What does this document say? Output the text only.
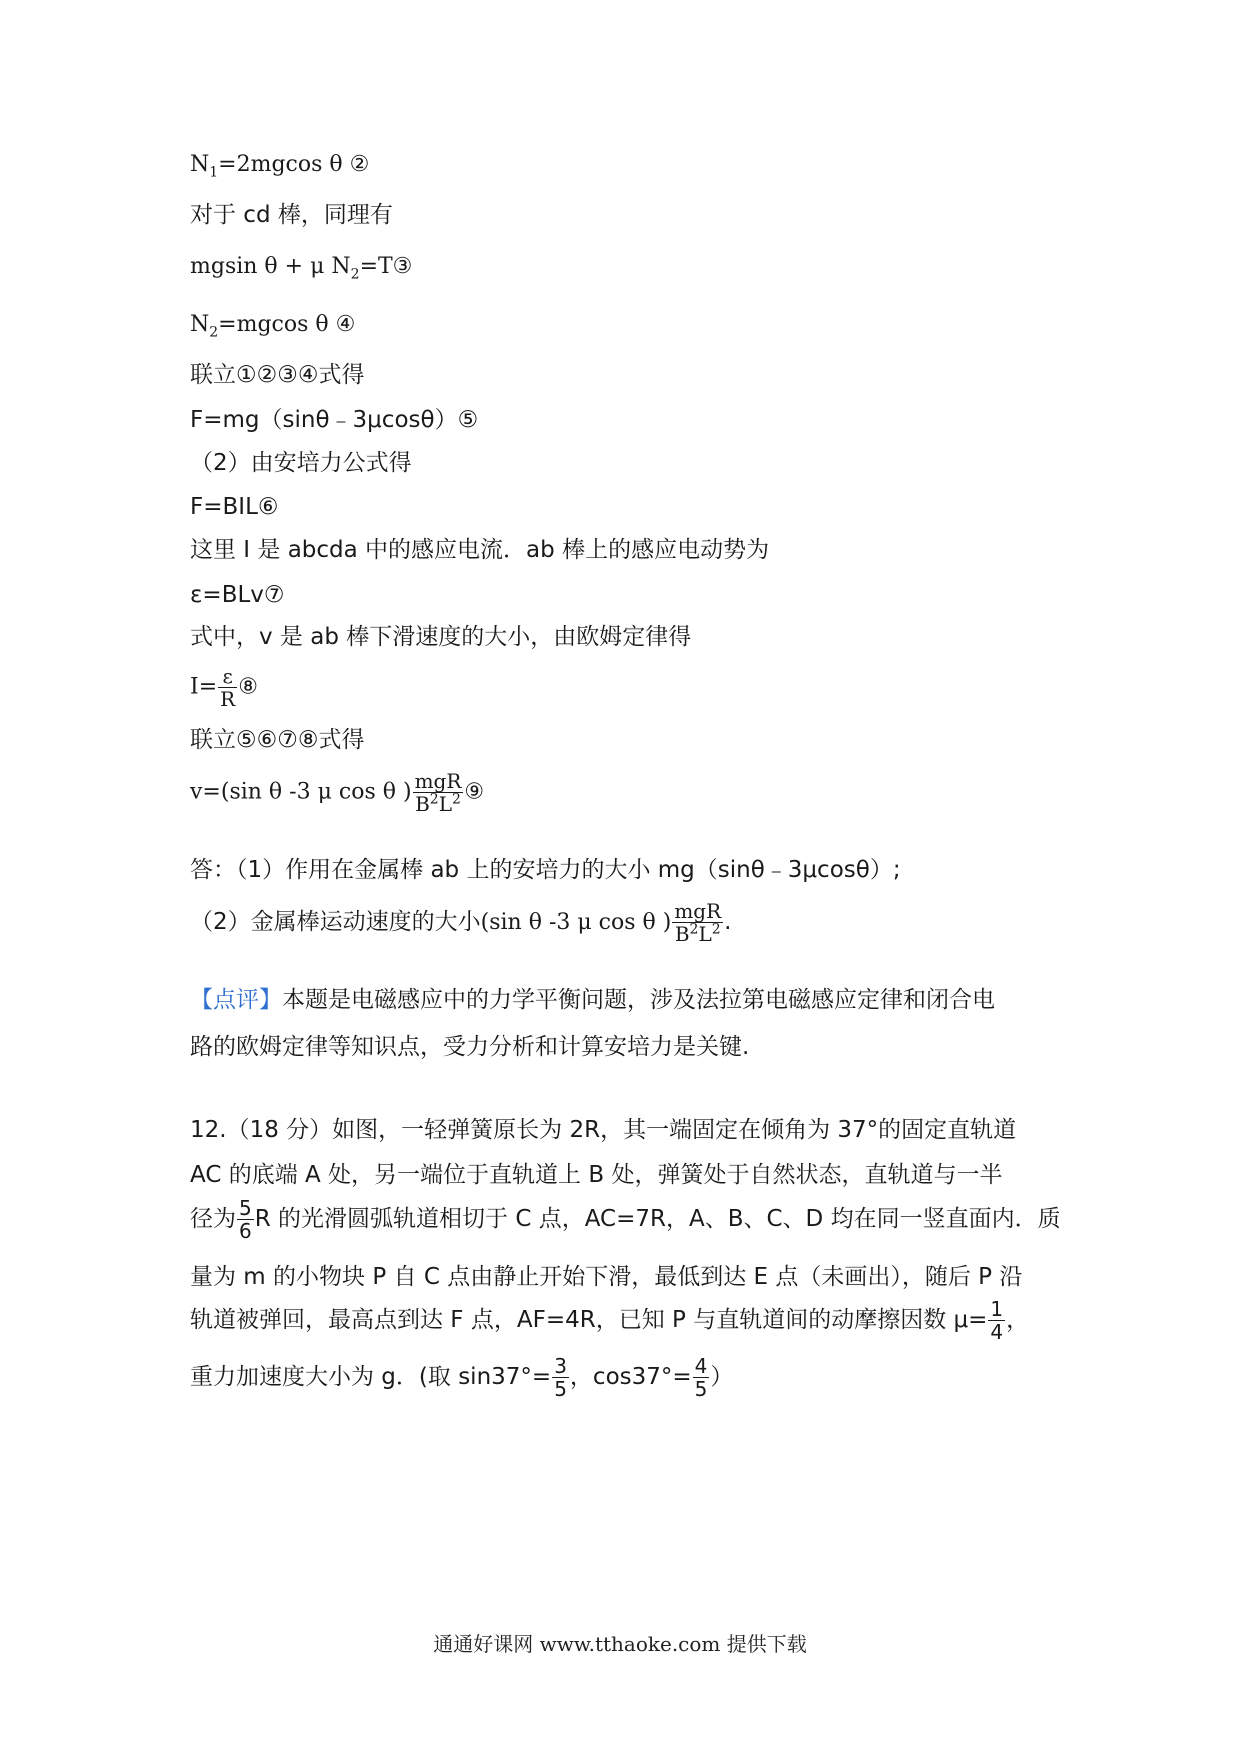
$N_1=2mgcos$ θ ②
对于 cd 棒，同理有
mgsin θ + μ $N_2=T③$
$N_2=mgcos$ θ ④
联立①②③④式得
F=mg（sinθ﹣3μcosθ）⑤
（2）由安培力公式得
F=BIL⑥
这里 I 是 abcda 中的感应电流．ab 棒上的感应电动势为
ε=BLv⑦
式中，v 是 ab 棒下滑速度的大小，由欧姆定律得
$I= \frac{\varepsilon}{R}$ ⑧
联立⑤⑥⑦⑧式得
v=(sin θ -3 μ cos θ ) $\frac{\text{mgR}}{B^2L^2}$ ⑨
答：（1）作用在金属棒 ab 上的安培力的大小 mg（sinθ﹣3μcosθ）;
（2）金属棒运动速度的大小(sin θ -3 μ cos θ ) $\frac{\text{mgR}}{B^2L^2}$ .
【点评】本题是电磁感应中的力学平衡问题，涉及法拉第电磁感应定律和闭合电
路的欧姆定律等知识点，受力分析和计算安培力是关键.
12.（18 分）如图，一轻弹簧原长为 2R，其一端固定在倾角为 37°的固定直轨道
AC 的底端 A 处，另一端位于直轨道上 B 处，弹簧处于自然状态，直轨道与一半
径为 $\frac{5}{6}$ R 的光滑圆弧轨道相切于 C 点，AC=7R，A、B、C、D 均在同一竖直面内．质
量为 m 的小物块 P 自 C 点由静止开始下滑，最低到达 E 点（未画出），随后 P 沿
轨道被弹回，最高点到达 F 点，AF=4R，已知 P 与直轨道间的动摩擦因数 $\mu= \frac{1}{4}$ ，
重力加速度大小为 g．(取 $\sin 37^\circ= \frac{3}{5}$ ，$\cos 37^\circ= \frac{4}{5}$ ）
通通好课网 www.tthaoke.com 提供下载
